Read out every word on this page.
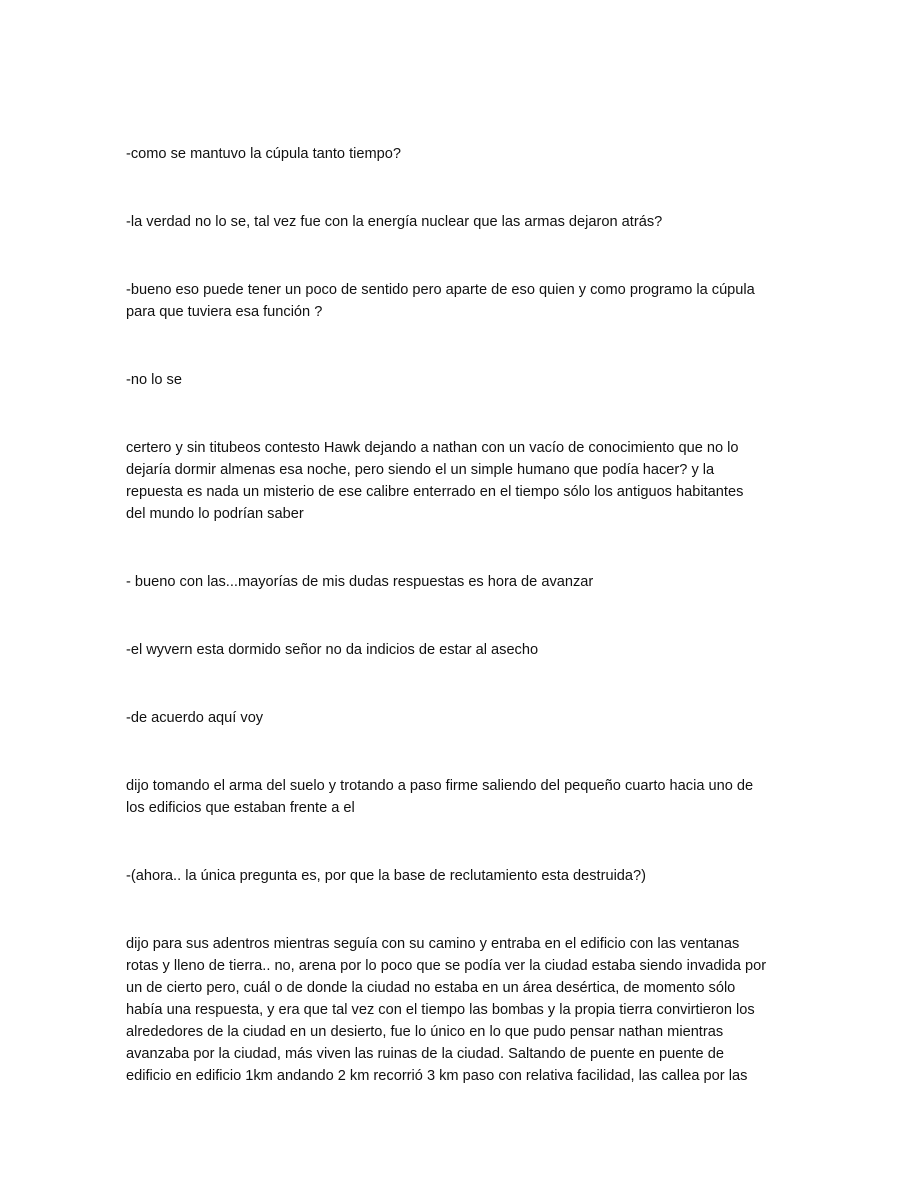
-como se mantuvo la cúpula tanto tiempo?
-la verdad no lo se, tal vez fue con la energía nuclear que las armas dejaron atrás?
-bueno eso puede tener un poco de sentido pero aparte de eso quien y como programo la cúpula
para que tuviera esa función ?
-no lo se
certero y sin titubeos contesto Hawk dejando a nathan con un vacío de conocimiento que no lo
dejaría dormir almenas esa noche, pero siendo el un simple humano que podía hacer? y la
repuesta es nada un misterio de ese calibre enterrado en el tiempo sólo los antiguos habitantes
del mundo lo podrían saber
- bueno con las...mayorías de mis dudas respuestas es hora de avanzar
-el wyvern esta dormido señor no da indicios de estar al asecho
-de acuerdo aquí voy
dijo tomando el arma del suelo y trotando a paso firme saliendo del pequeño cuarto hacia uno de
los edificios que estaban frente a el
-(ahora.. la única pregunta es, por que la base de reclutamiento esta destruida?)
dijo para sus adentros mientras seguía con su camino y entraba en el edificio con las ventanas
rotas y lleno de tierra.. no, arena por lo poco que se podía ver la ciudad estaba siendo invadida por
un de cierto pero, cuál o de donde la ciudad no estaba en un área desértica, de momento sólo
había una respuesta, y era que tal vez con el tiempo las bombas y la propia tierra convirtieron los
alrededores de la ciudad en un desierto, fue lo único en lo que pudo pensar nathan mientras
avanzaba por la ciudad, más viven las ruinas de la ciudad. Saltando de puente en puente de
edificio en edificio 1km andando 2 km recorrió 3 km paso con relativa facilidad, las callea por las
